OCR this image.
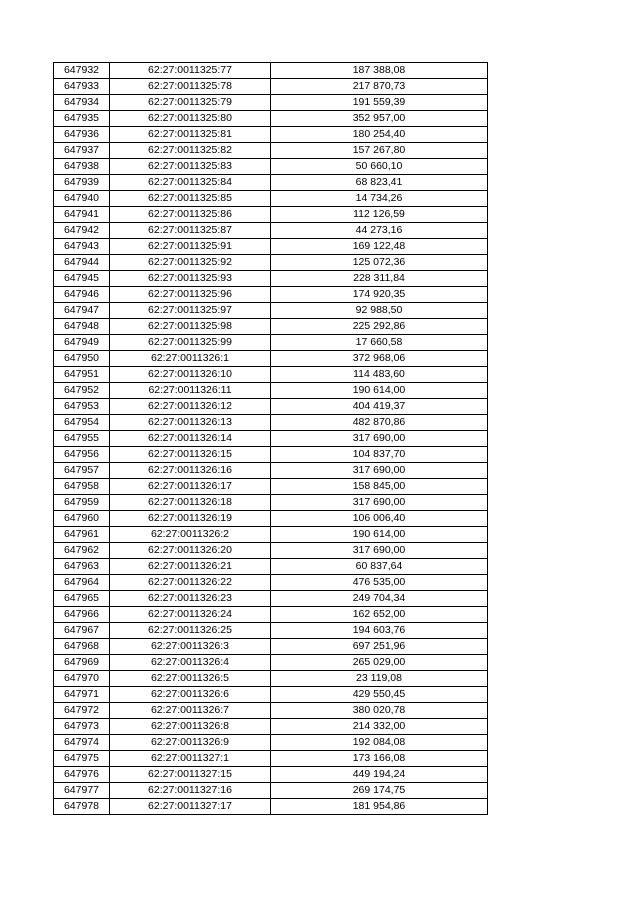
647932	62:27:0011325:77	187 388,08
647933	62:27:0011325:78	217 870,73
647934	62:27:0011325:79	191 559,39
647935	62:27:0011325:80	352 957,00
647936	62:27:0011325:81	180 254,40
647937	62:27:0011325:82	157 267,80
647938	62:27:0011325:83	50 660,10
647939	62:27:0011325:84	68 823,41
647940	62:27:0011325:85	14 734,26
647941	62:27:0011325:86	112 126,59
647942	62:27:0011325:87	44 273,16
647943	62:27:0011325:91	169 122,48
647944	62:27:0011325:92	125 072,36
647945	62:27:0011325:93	228 311,84
647946	62:27:0011325:96	174 920,35
647947	62:27:0011325:97	92 988,50
647948	62:27:0011325:98	225 292,86
647949	62:27:0011325:99	17 660,58
647950	62:27:0011326:1	372 968,06
647951	62:27:0011326:10	114 483,60
647952	62:27:0011326:11	190 614,00
647953	62:27:0011326:12	404 419,37
647954	62:27:0011326:13	482 870,86
647955	62:27:0011326:14	317 690,00
647956	62:27:0011326:15	104 837,70
647957	62:27:0011326:16	317 690,00
647958	62:27:0011326:17	158 845,00
647959	62:27:0011326:18	317 690,00
647960	62:27:0011326:19	106 006,40
647961	62:27:0011326:2	190 614,00
647962	62:27:0011326:20	317 690,00
647963	62:27:0011326:21	60 837,64
647964	62:27:0011326:22	476 535,00
647965	62:27:0011326:23	249 704,34
647966	62:27:0011326:24	162 652,00
647967	62:27:0011326:25	194 603,76
647968	62:27:0011326:3	697 251,96
647969	62:27:0011326:4	265 029,00
647970	62:27:0011326:5	23 119,08
647971	62:27:0011326:6	429 550,45
647972	62:27:0011326:7	380 020,78
647973	62:27:0011326:8	214 332,00
647974	62:27:0011326:9	192 084,08
647975	62:27:0011327:1	173 166,08
647976	62:27:0011327:15	449 194,24
647977	62:27:0011327:16	269 174,75
647978	62:27:0011327:17	181 954,86
